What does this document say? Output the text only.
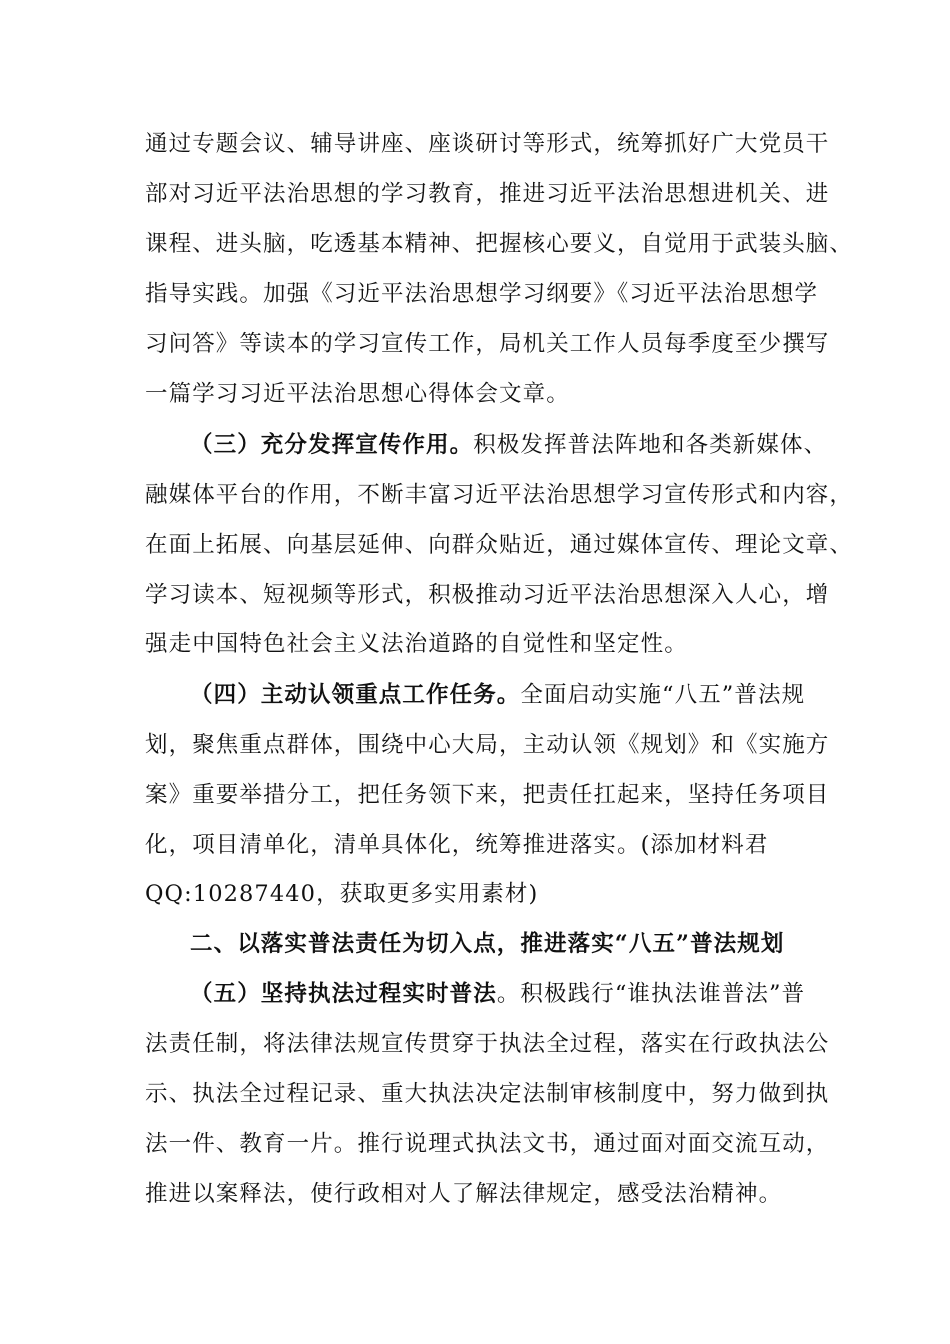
通过专题会议、辅导讲座、座谈研讨等形式，统筹抓好广大党员干
部对习近平法治思想的学习教育，推进习近平法治思想进机关、进
课程、进头脑，吃透基本精神、把握核心要义，自觉用于武装头脑、
指导实践。加强《习近平法治思想学习纲要》《习近平法治思想学
习问答》等读本的学习宣传工作，局机关工作人员每季度至少撰写
一篇学习习近平法治思想心得体会文章。
（三）充分发挥宣传作用。积极发挥普法阵地和各类新媒体、
融媒体平台的作用，不断丰富习近平法治思想学习宣传形式和内容，
在面上拓展、向基层延伸、向群众贴近，通过媒体宣传、理论文章、
学习读本、短视频等形式，积极推动习近平法治思想深入人心，增
强走中国特色社会主义法治道路的自觉性和坚定性。
（四）主动认领重点工作任务。全面启动实施“八五”普法规
划，聚焦重点群体，围绕中心大局，主动认领《规划》和《实施方
案》重要举措分工，把任务领下来，把责任扛起来，坚持任务项目
化，项目清单化，清单具体化，统筹推进落实。(添加材料君
QQ:10287440，获取更多实用素材)
二、以落实普法责任为切入点，推进落实“八五”普法规划
（五）坚持执法过程实时普法。积极践行“谁执法谁普法”普
法责任制，将法律法规宣传贯穿于执法全过程，落实在行政执法公
示、执法全过程记录、重大执法决定法制审核制度中，努力做到执
法一件、教育一片。推行说理式执法文书，通过面对面交流互动，
推进以案释法，使行政相对人了解法律规定，感受法治精神。
